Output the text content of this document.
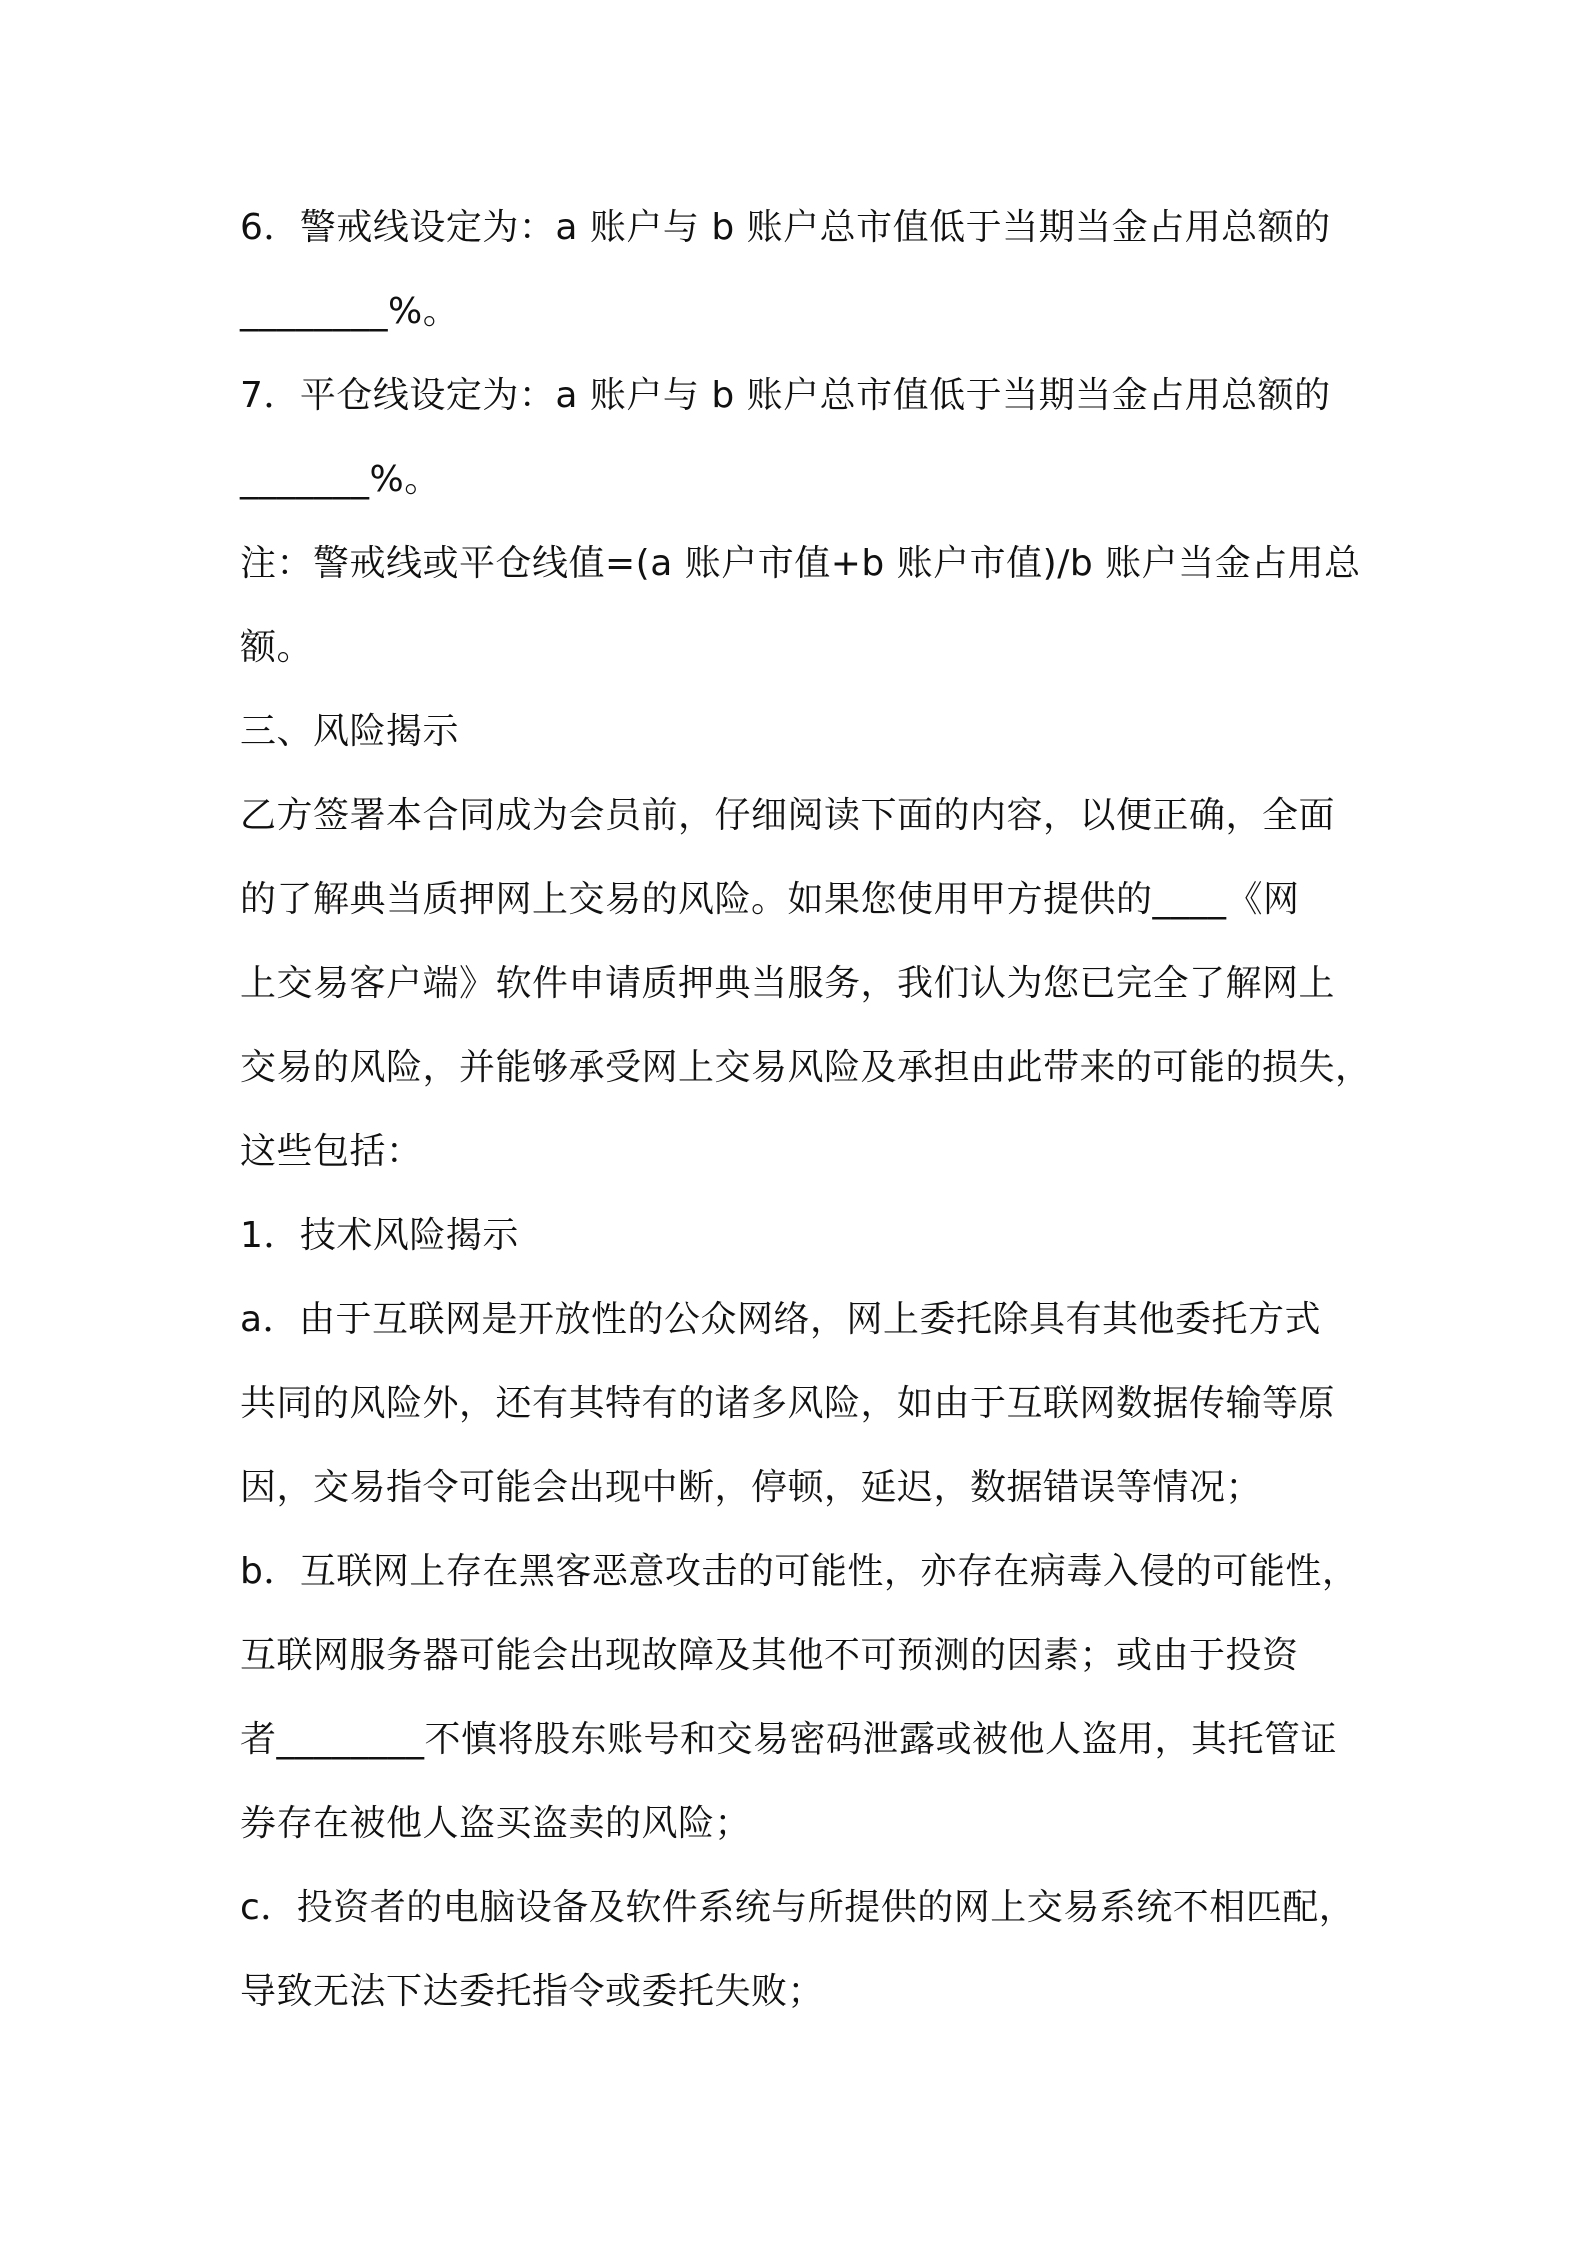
6．警戒线设定为：a 账户与 b 账户总市值低于当期当金占用总额的
________%。
7．平仓线设定为：a 账户与 b 账户总市值低于当期当金占用总额的
_______%。
注：警戒线或平仓线值=(a 账户市值+b 账户市值)/b 账户当金占用总
额。
三、风险揭示
乙方签署本合同成为会员前，仔细阅读下面的内容，以便正确，全面
的了解典当质押网上交易的风险。如果您使用甲方提供的____《网
上交易客户端》软件申请质押典当服务，我们认为您已完全了解网上
交易的风险，并能够承受网上交易风险及承担由此带来的可能的损失，
这些包括：
1．技术风险揭示
a．由于互联网是开放性的公众网络，网上委托除具有其他委托方式
共同的风险外，还有其特有的诸多风险，如由于互联网数据传输等原
因，交易指令可能会出现中断，停顿，延迟，数据错误等情况；
b．互联网上存在黑客恶意攻击的可能性，亦存在病毒入侵的可能性，
互联网服务器可能会出现故障及其他不可预测的因素；或由于投资
者________不慎将股东账号和交易密码泄露或被他人盗用，其托管证
券存在被他人盗买盗卖的风险；
c．投资者的电脑设备及软件系统与所提供的网上交易系统不相匹配，
导致无法下达委托指令或委托失败；
